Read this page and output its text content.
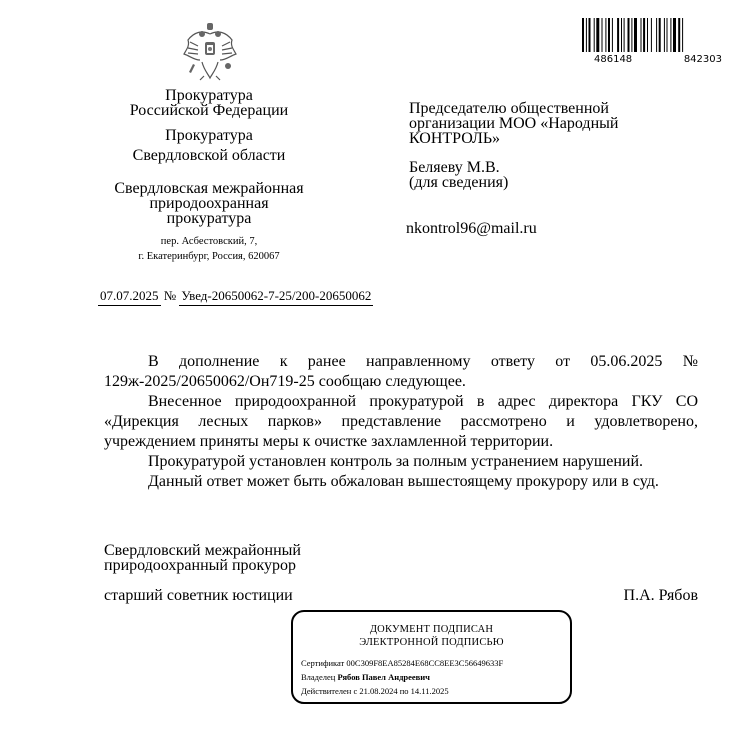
486148	842303
Прокуратура
Российской Федерации
Прокуратура
Свердловской области
Свердловская межрайонная
природоохранная
прокуратура
пер. Асбестовский, 7,
г. Екатеринбург, Россия, 620067
07.07.2025 № Увед-20650062-7-25/200-20650062
Председателю общественной
организации МОО «Народный
КОНТРОЛЬ»
Беляеву М.В.
(для сведения)
nkontrol96@mail.ru

В дополнение к ранее направленному ответу от 05.06.2025 № 129ж-2025/20650062/Он719-25 сообщаю следующее.

Внесенное природоохранной прокуратурой в адрес директора ГКУ СО «Дирекция лесных парков» представление рассмотрено и удовлетворено, учреждением приняты меры к очистке захламленной территории.

Прокуратурой установлен контроль за полным устранением нарушений.

Данный ответ может быть обжалован вышестоящему прокурору или в суд.

Свердловский межрайонный
природоохранный прокурор
старший советник юстиции	П.А. Рябов
ДОКУМЕНТ ПОДПИСАН
ЭЛЕКТРОННОЙ ПОДПИСЬЮ
Сертификат 00C309F8EA85284E68CC8EE3C56649633F
Владелец Рябов Павел Андреевич
Действителен с 21.08.2024 по 14.11.2025
